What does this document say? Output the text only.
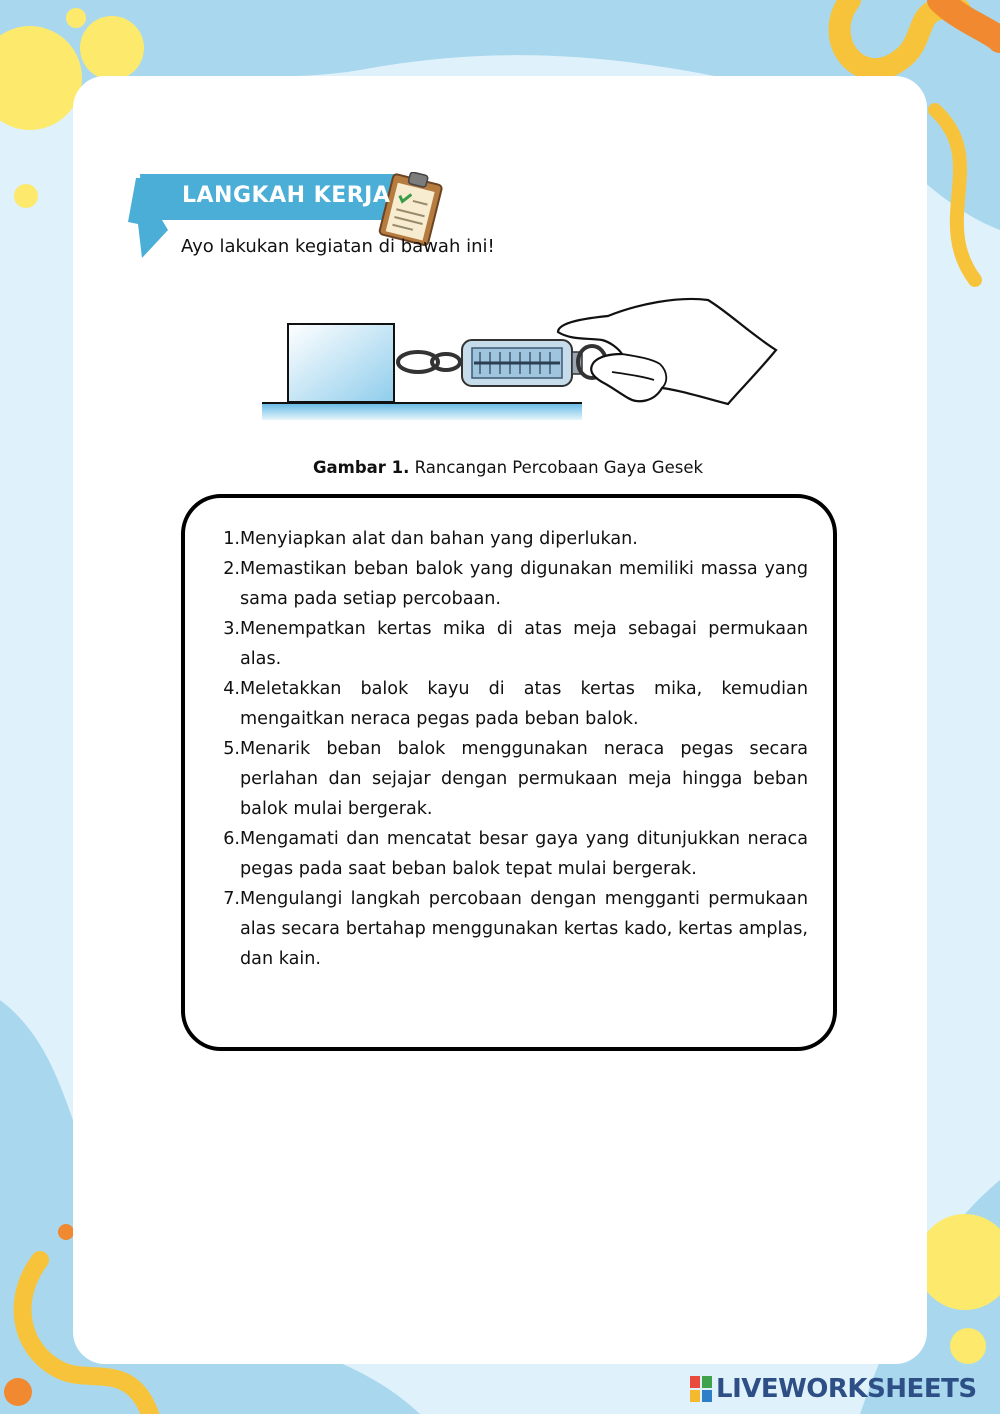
LANGKAH KERJA
Ayo lakukan kegiatan di bawah ini!
Gambar 1. Rancangan Percobaan Gaya Gesek
1. Menyiapkan alat dan bahan yang diperlukan.
2. Memastikan beban balok yang digunakan memiliki massa yang sama pada setiap percobaan.
3. Menempatkan kertas mika di atas meja sebagai permukaan alas.
4. Meletakkan balok kayu di atas kertas mika, kemudian mengaitkan neraca pegas pada beban balok.
5. Menarik beban balok menggunakan neraca pegas secara perlahan dan sejajar dengan permukaan meja hingga beban balok mulai bergerak.
6. Mengamati dan mencatat besar gaya yang ditunjukkan neraca pegas pada saat beban balok tepat mulai bergerak.
7. Mengulangi langkah percobaan dengan mengganti permukaan alas secara bertahap menggunakan kertas kado, kertas amplas, dan kain.
LIVEWORKSHEETS
